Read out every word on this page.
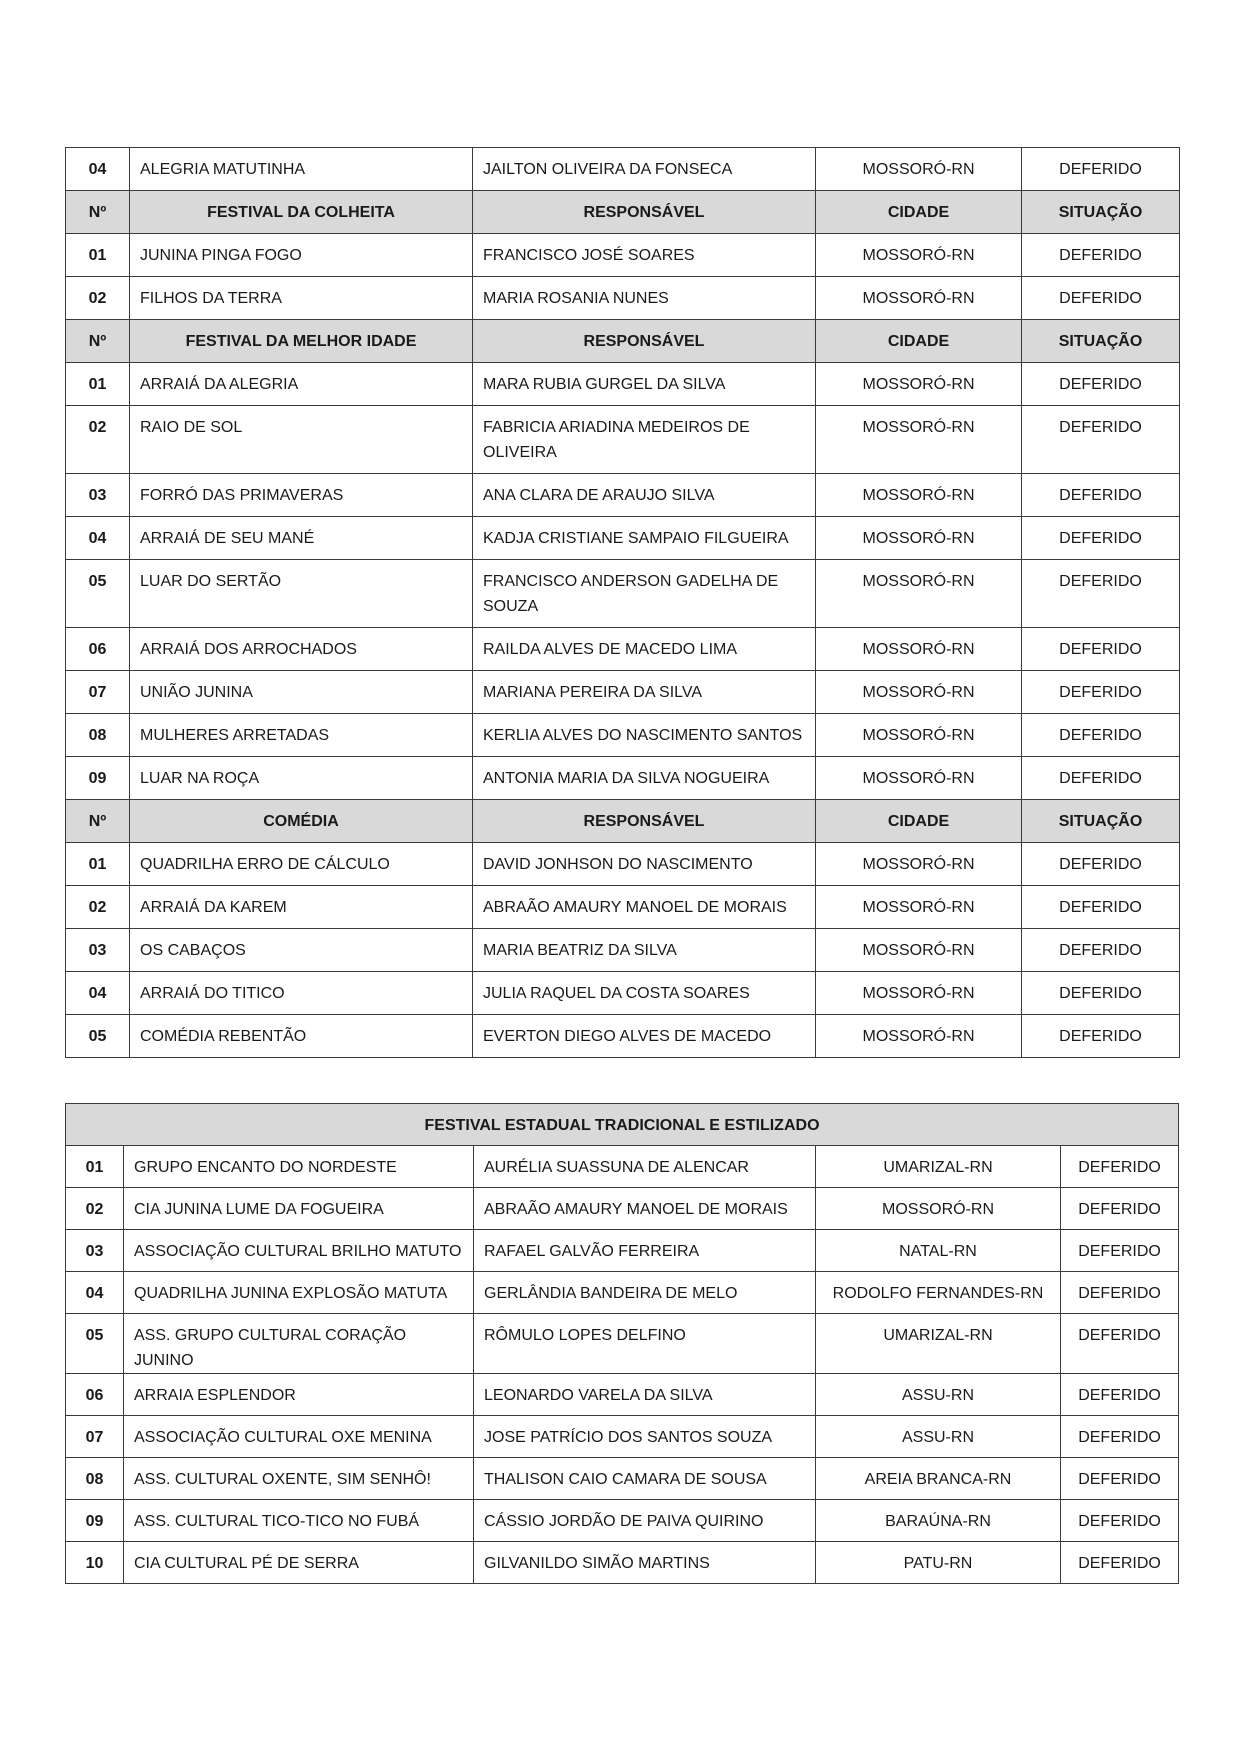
04	ALEGRIA MATUTINHA	JAILTON OLIVEIRA DA FONSECA	MOSSORÓ-RN	DEFERIDO
Nº	FESTIVAL DA COLHEITA	RESPONSÁVEL	CIDADE	SITUAÇÃO
01	JUNINA PINGA FOGO	FRANCISCO JOSÉ SOARES	MOSSORÓ-RN	DEFERIDO
02	FILHOS DA TERRA	MARIA ROSANIA NUNES	MOSSORÓ-RN	DEFERIDO
Nº	FESTIVAL DA MELHOR IDADE	RESPONSÁVEL	CIDADE	SITUAÇÃO
01	ARRAIÁ DA ALEGRIA	MARA RUBIA GURGEL DA SILVA	MOSSORÓ-RN	DEFERIDO
02	RAIO DE SOL	FABRICIA ARIADINA MEDEIROS DE OLIVEIRA	MOSSORÓ-RN	DEFERIDO
03	FORRÓ DAS PRIMAVERAS	ANA CLARA DE ARAUJO SILVA	MOSSORÓ-RN	DEFERIDO
04	ARRAIÁ DE SEU MANÉ	KADJA CRISTIANE SAMPAIO FILGUEIRA	MOSSORÓ-RN	DEFERIDO
05	LUAR DO SERTÃO	FRANCISCO ANDERSON GADELHA DE SOUZA	MOSSORÓ-RN	DEFERIDO
06	ARRAIÁ DOS ARROCHADOS	RAILDA ALVES DE MACEDO LIMA	MOSSORÓ-RN	DEFERIDO
07	UNIÃO JUNINA	MARIANA PEREIRA DA SILVA	MOSSORÓ-RN	DEFERIDO
08	MULHERES ARRETADAS	KERLIA ALVES DO NASCIMENTO SANTOS	MOSSORÓ-RN	DEFERIDO
09	LUAR NA ROÇA	ANTONIA MARIA DA SILVA NOGUEIRA	MOSSORÓ-RN	DEFERIDO
Nº	COMÉDIA	RESPONSÁVEL	CIDADE	SITUAÇÃO
01	QUADRILHA ERRO DE CÁLCULO	DAVID JONHSON DO NASCIMENTO	MOSSORÓ-RN	DEFERIDO
02	ARRAIÁ DA KAREM	ABRAÃO AMAURY MANOEL DE MORAIS	MOSSORÓ-RN	DEFERIDO
03	OS CABAÇOS	MARIA BEATRIZ DA SILVA	MOSSORÓ-RN	DEFERIDO
04	ARRAIÁ DO TITICO	JULIA RAQUEL DA COSTA SOARES	MOSSORÓ-RN	DEFERIDO
05	COMÉDIA REBENTÃO	EVERTON DIEGO ALVES DE MACEDO	MOSSORÓ-RN	DEFERIDO
FESTIVAL ESTADUAL TRADICIONAL E ESTILIZADO				
01	GRUPO ENCANTO DO NORDESTE	AURÉLIA SUASSUNA DE ALENCAR	UMARIZAL-RN	DEFERIDO
02	CIA JUNINA LUME DA FOGUEIRA	ABRAÃO AMAURY MANOEL DE MORAIS	MOSSORÓ-RN	DEFERIDO
03	ASSOCIAÇÃO CULTURAL BRILHO MATUTO	RAFAEL GALVÃO FERREIRA	NATAL-RN	DEFERIDO
04	QUADRILHA JUNINA EXPLOSÃO MATUTA	GERLÂNDIA BANDEIRA DE MELO	RODOLFO FERNANDES-RN	DEFERIDO
05	ASS. GRUPO CULTURAL CORAÇÃO JUNINO	RÔMULO LOPES DELFINO	UMARIZAL-RN	DEFERIDO
06	ARRAIA ESPLENDOR	LEONARDO VARELA DA SILVA	ASSU-RN	DEFERIDO
07	ASSOCIAÇÃO CULTURAL OXE MENINA	JOSE PATRÍCIO DOS SANTOS SOUZA	ASSU-RN	DEFERIDO
08	ASS. CULTURAL OXENTE, SIM SENHÔ!	THALISON CAIO CAMARA DE SOUSA	AREIA BRANCA-RN	DEFERIDO
09	ASS. CULTURAL TICO-TICO NO FUBÁ	CÁSSIO JORDÃO DE PAIVA QUIRINO	BARAÚNA-RN	DEFERIDO
10	CIA CULTURAL PÉ DE SERRA	GILVANILDO SIMÃO MARTINS	PATU-RN	DEFERIDO
